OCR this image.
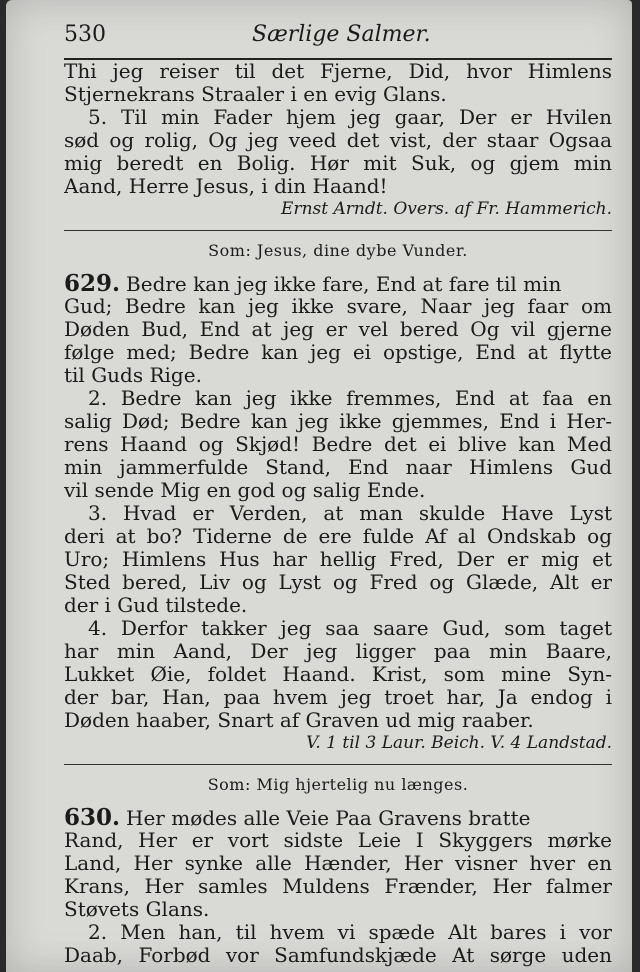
530	Særlige Salmer.
Thi jeg reiser til det Fjerne, Did, hvor Himlens
Stjernekrans Straaler i en evig Glans.
5. Til min Fader hjem jeg gaar, Der er Hvilen
sød og rolig, Og jeg veed det vist, der staar Ogsaa
mig beredt en Bolig. Hør mit Suk, og gjem min
Aand, Herre Jesus, i din Haand!
Ernst Arndt. Overs. af Fr. Hammerich.
Som: Jesus, dine dybe Vunder.
629. Bedre kan jeg ikke fare, End at fare til min
Gud; Bedre kan jeg ikke svare, Naar jeg faar om
Døden Bud, End at jeg er vel bered Og vil gjerne
følge med; Bedre kan jeg ei opstige, End at flytte
til Guds Rige.
2. Bedre kan jeg ikke fremmes, End at faa en
salig Død; Bedre kan jeg ikke gjemmes, End i Her-
rens Haand og Skjød! Bedre det ei blive kan Med
min jammerfulde Stand, End naar Himlens Gud
vil sende Mig en god og salig Ende.
3. Hvad er Verden, at man skulde Have Lyst
deri at bo? Tiderne de ere fulde Af al Ondskab og
Uro; Himlens Hus har hellig Fred, Der er mig et
Sted bered, Liv og Lyst og Fred og Glæde, Alt er
der i Gud tilstede.
4. Derfor takker jeg saa saare Gud, som taget
har min Aand, Der jeg ligger paa min Baare,
Lukket Øie, foldet Haand. Krist, som mine Syn-
der bar, Han, paa hvem jeg troet har, Ja endog i
Døden haaber, Snart af Graven ud mig raaber.
V. 1 til 3 Laur. Beich. V. 4 Landstad.
Som: Mig hjertelig nu længes.
630. Her mødes alle Veie Paa Gravens bratte
Rand, Her er vort sidste Leie I Skyggers mørke
Land, Her synke alle Hænder, Her visner hver en
Krans, Her samles Muldens Frænder, Her falmer
Støvets Glans.
2. Men han, til hvem vi spæde Alt bares i vor
Daab, Forbød vor Samfundskjæde At sørge uden
